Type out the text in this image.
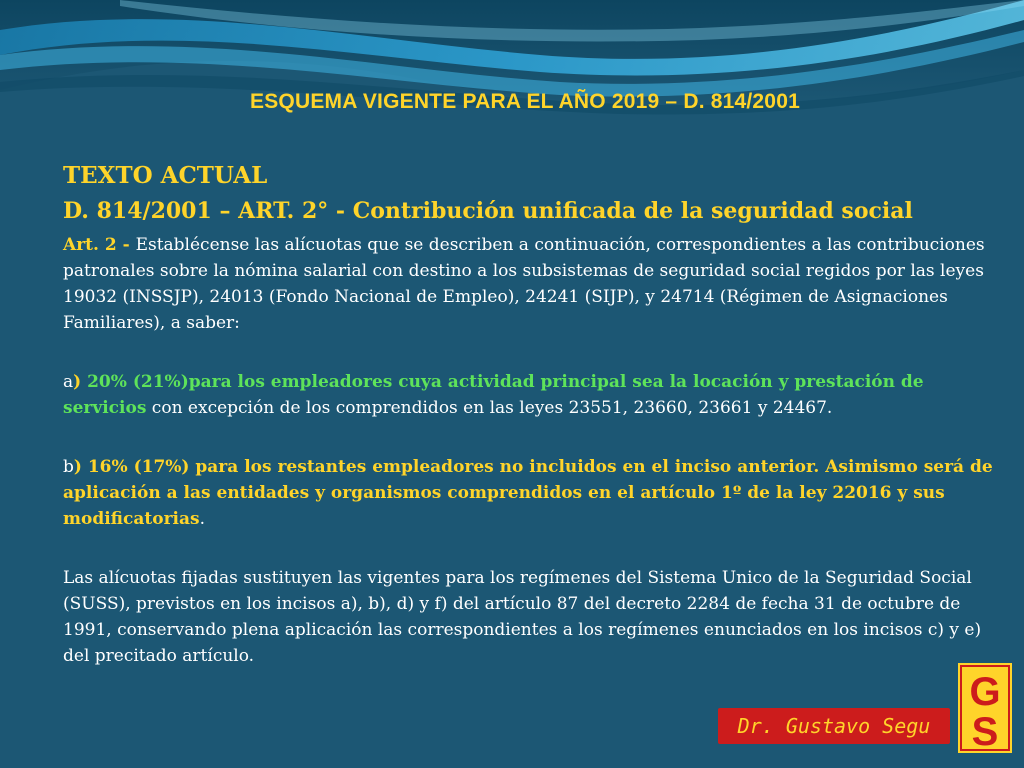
ESQUEMA VIGENTE PARA EL AÑO 2019 – D. 814/2001

TEXTO ACTUAL

D. 814/2001 – ART. 2° - Contribución unificada de la seguridad social

Art. 2 - Establécense las alícuotas que se describen a continuación, correspondientes a las contribuciones patronales sobre la nómina salarial con destino a los subsistemas de seguridad social regidos por las leyes 19032 (INSSJP), 24013 (Fondo Nacional de Empleo), 24241 (SIJP), y 24714 (Régimen de Asignaciones Familiares), a saber:

a) 20% (21%)para los empleadores cuya actividad principal sea la locación y prestación de servicios con excepción de los comprendidos en las leyes 23551, 23660, 23661 y 24467.

b) 16% (17%) para los restantes empleadores no incluidos en el inciso anterior. Asimismo será de aplicación a las entidades y organismos comprendidos en el artículo 1º de la ley 22016 y sus modificatorias.

Las alícuotas fijadas sustituyen las vigentes para los regímenes del Sistema Unico de la Seguridad Social (SUSS), previstos en los incisos a), b), d) y f) del artículo 87 del decreto 2284 de fecha 31 de octubre de 1991, conservando plena aplicación las correspondientes a los regímenes enunciados en los incisos c) y e) del precitado artículo.

Dr. Gustavo Segu
G
S
